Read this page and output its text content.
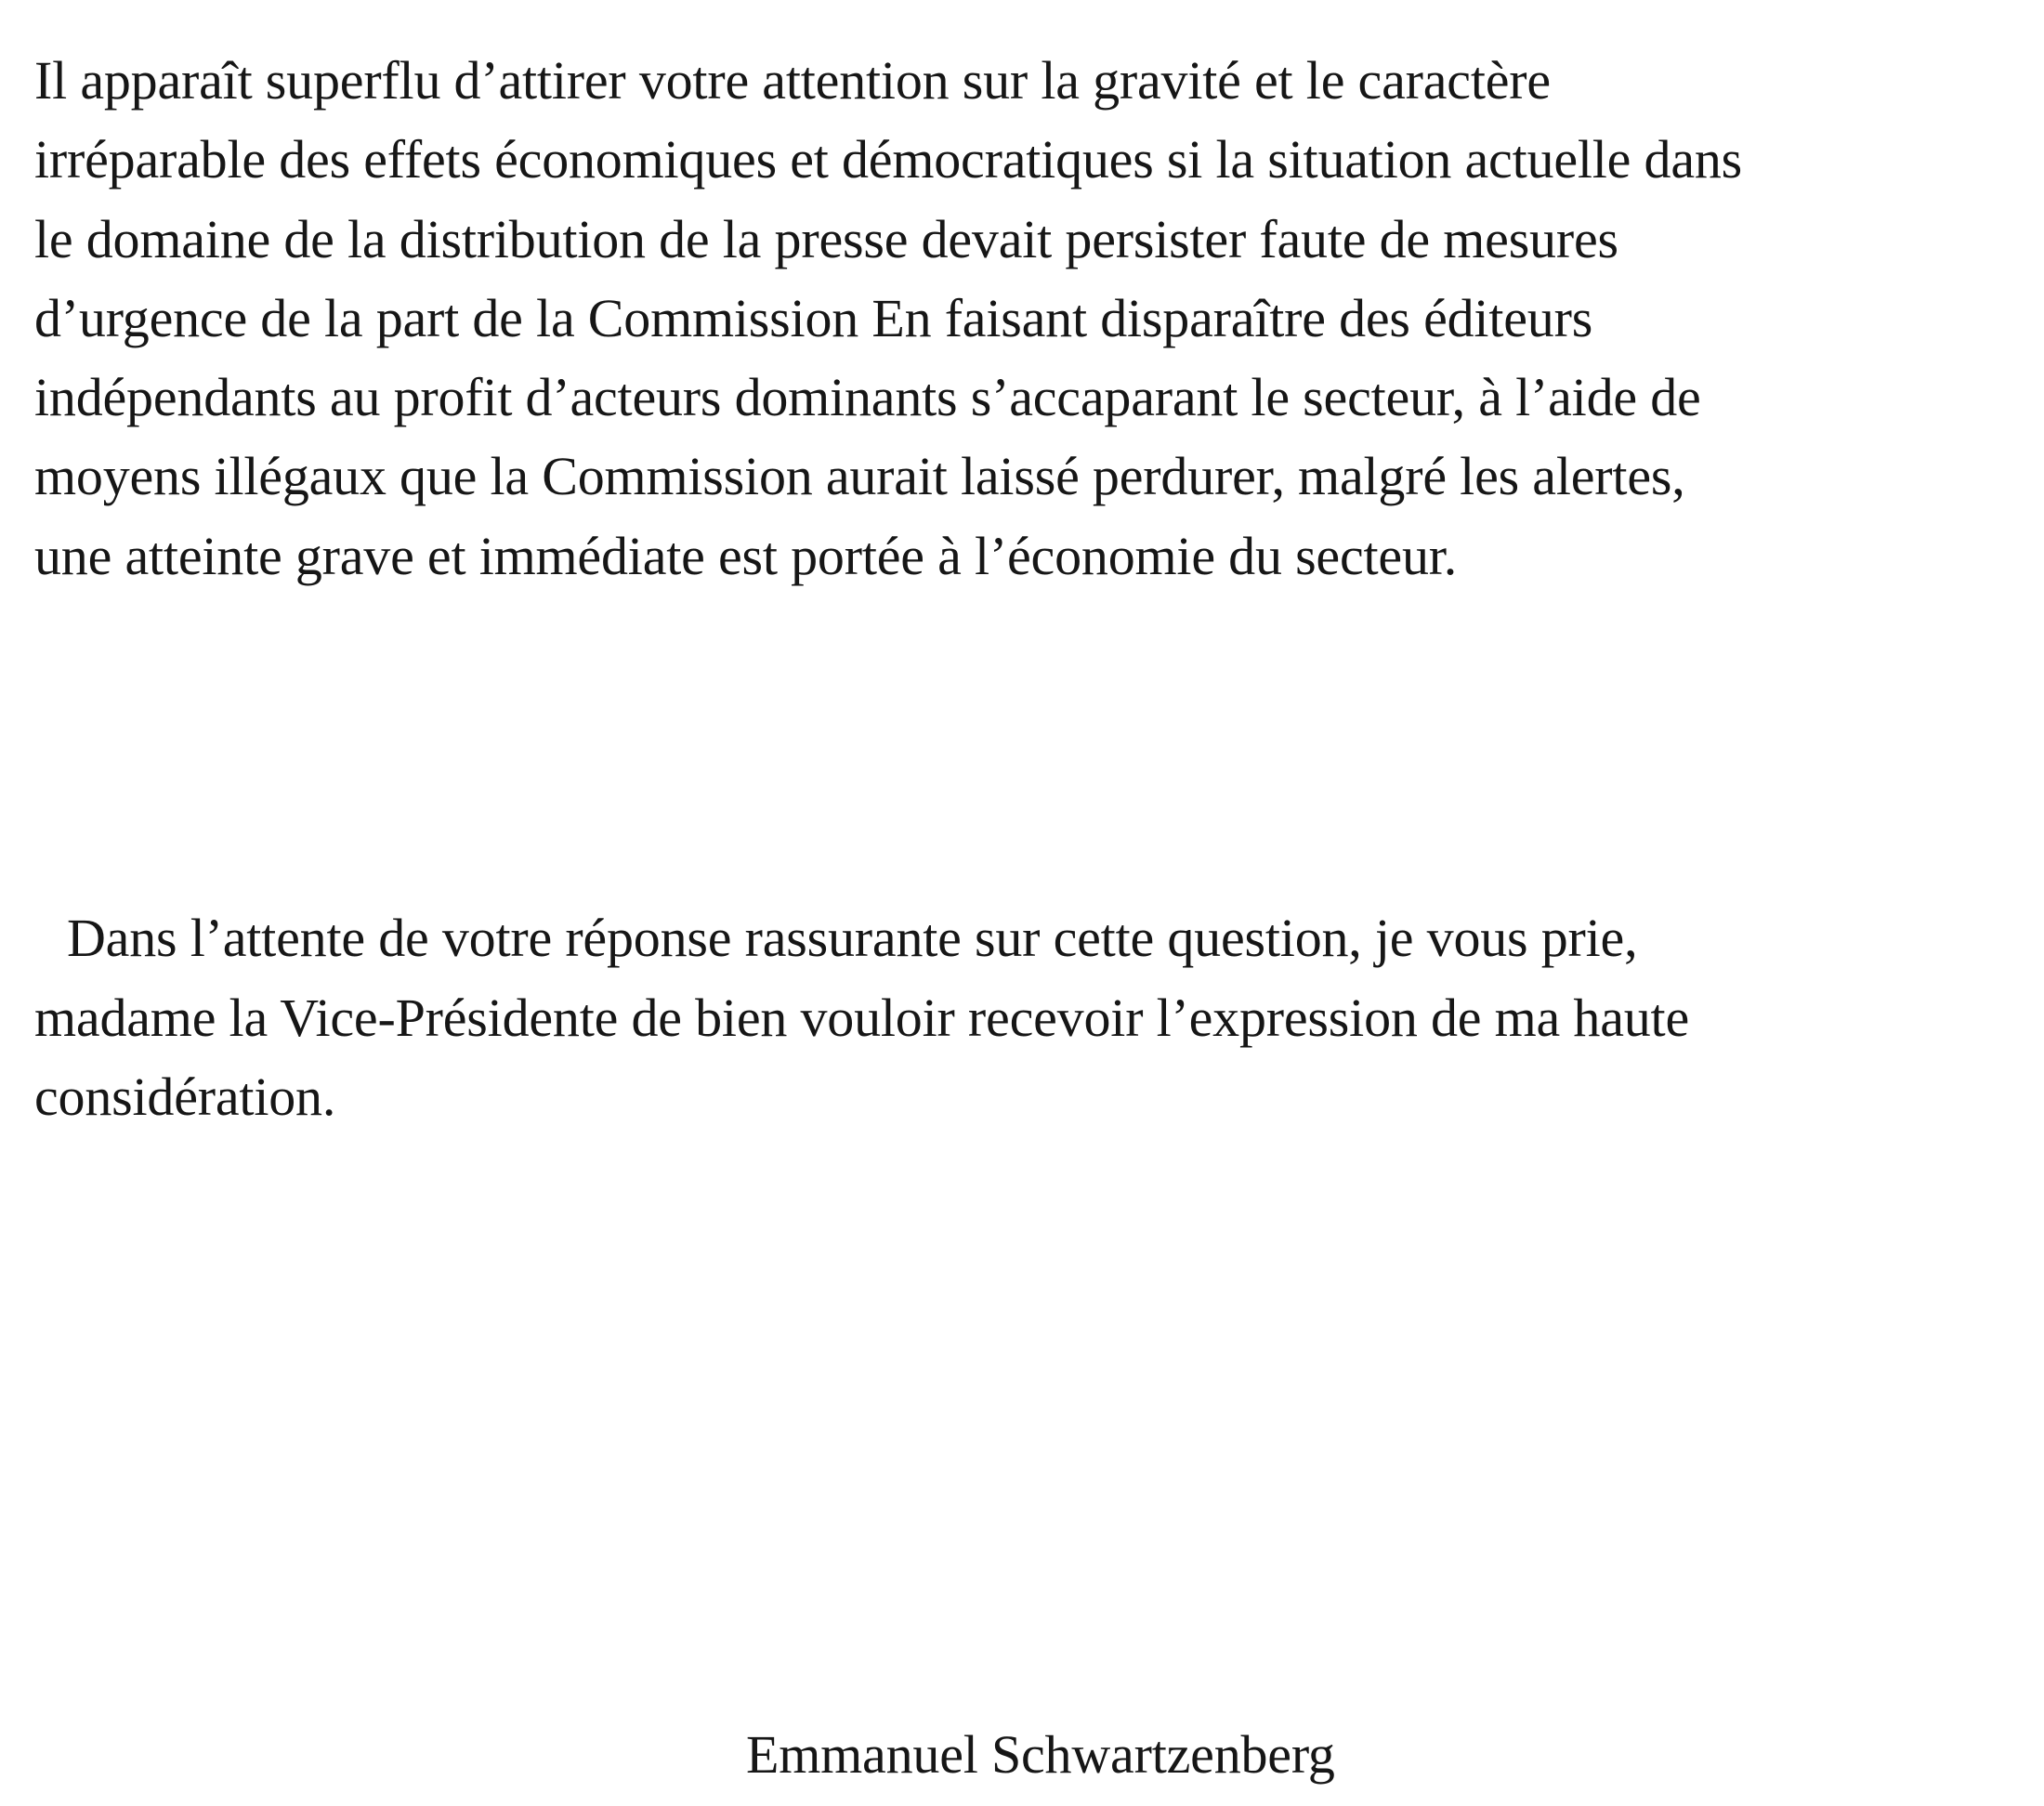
Il apparaît superflu d’attirer votre attention sur la gravité et le caractère

irréparable des effets économiques et démocratiques si la situation actuelle dans

le domaine de la distribution de la presse devait persister faute de mesures

d’urgence de la part de la Commission En faisant disparaître des éditeurs

indépendants au profit d’acteurs dominants s’accaparant le secteur, à l’aide de

moyens illégaux que la Commission aurait laissé perdurer, malgré les alertes,

une atteinte grave et immédiate est portée à l’économie du secteur.

Dans l’attente de votre réponse rassurante sur cette question, je vous prie,

madame la Vice-Présidente de bien vouloir recevoir l’expression de ma haute

considération.

Emmanuel Schwartzenberg
